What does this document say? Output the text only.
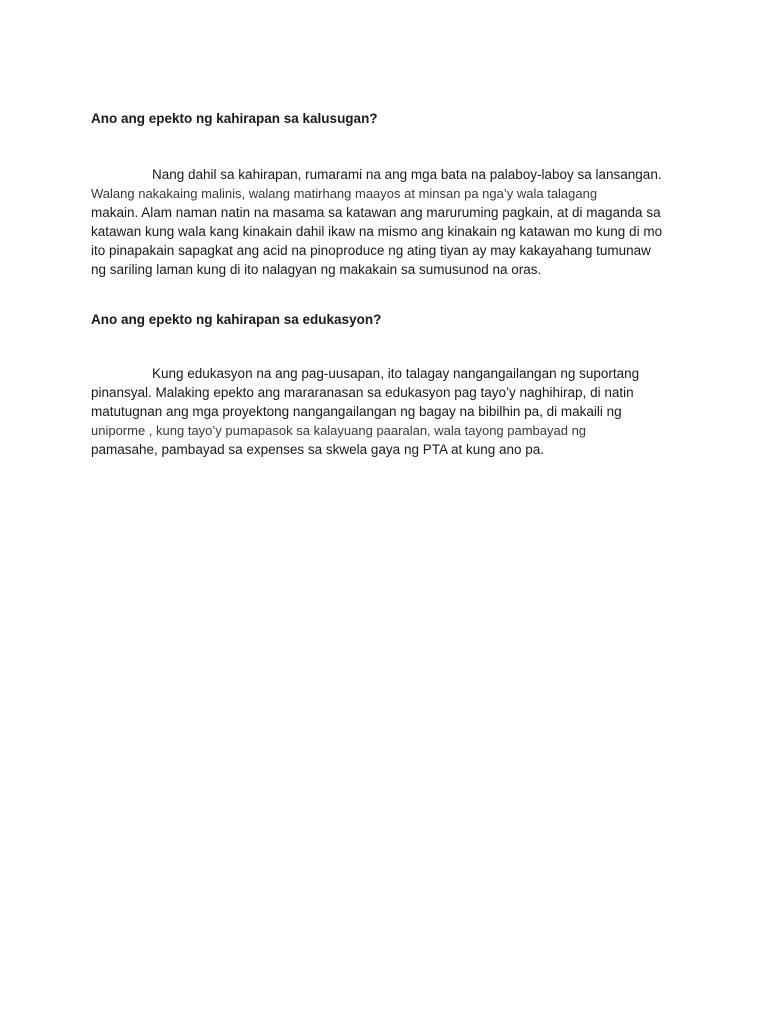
Ano ang epekto ng kahirapan sa kalusugan?

Nang dahil sa kahirapan, rumarami na ang mga bata na palaboy-laboy sa lansangan.
Walang nakakaing malinis, walang matirhang maayos at minsan pa nga’y wala talagang
makain. Alam naman natin na masama sa katawan ang maruruming pagkain, at di maganda sa
katawan kung wala kang kinakain dahil ikaw na mismo ang kinakain ng katawan mo kung di mo
ito pinapakain sapagkat ang acid na pinoproduce ng ating tiyan ay may kakayahang tumunaw
ng sariling laman kung di ito nalagyan ng makakain sa sumusunod na oras.

Ano ang epekto ng kahirapan sa edukasyon?

Kung edukasyon na ang pag-uusapan, ito talagay nangangailangan ng suportang
pinansyal. Malaking epekto ang mararanasan sa edukasyon pag tayo’y naghihirap, di natin
matutugnan ang mga proyektong nangangailangan ng bagay na bibilhin pa, di makaili ng
uniporme , kung tayo’y pumapasok sa kalayuang paaralan, wala tayong pambayad ng
pamasahe, pambayad sa expenses sa skwela gaya ng PTA at kung ano pa.
